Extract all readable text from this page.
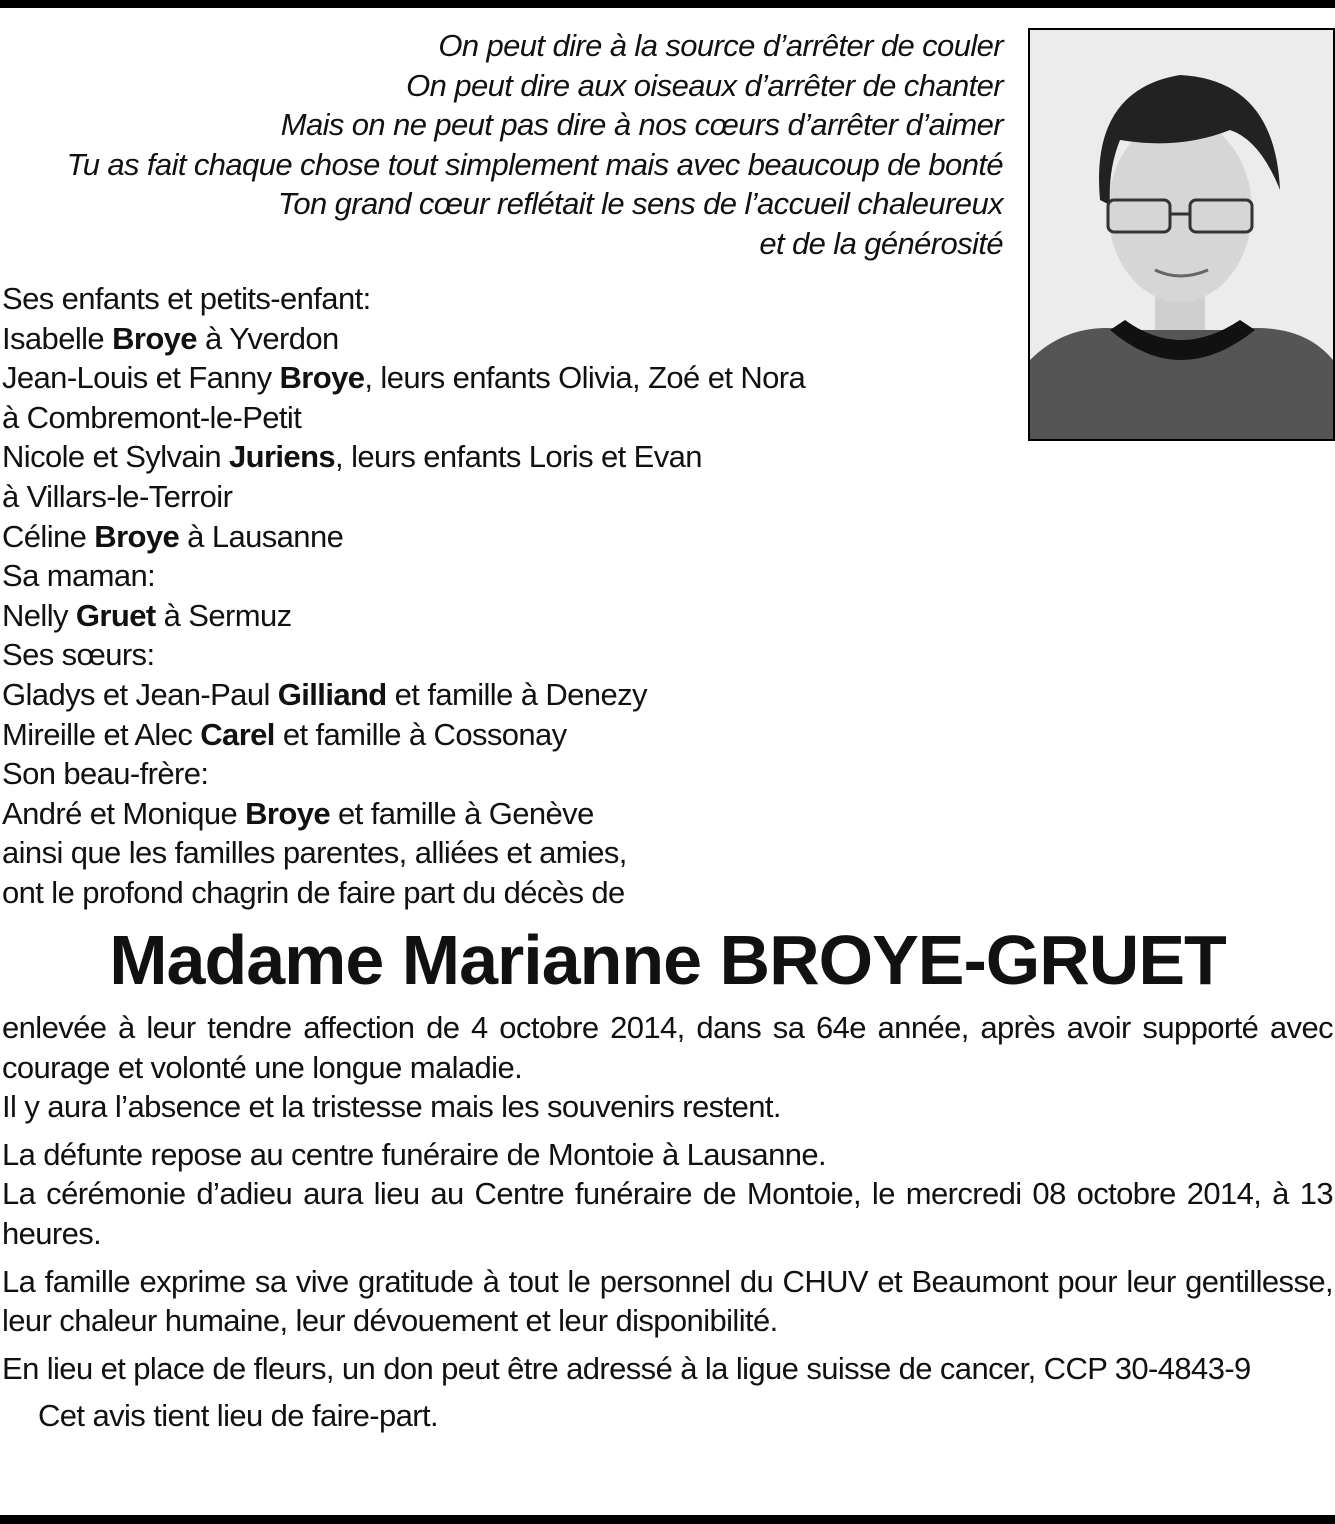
On peut dire à la source d’arrêter de couler
On peut dire aux oiseaux d’arrêter de chanter
Mais on ne peut pas dire à nos cœurs d’arrêter d’aimer
Tu as fait chaque chose tout simplement mais avec beaucoup de bonté
Ton grand cœur reflétait le sens de l’accueil chaleureux
et de la générosité
Ses enfants et petits-enfant:
Isabelle Broye à Yverdon
Jean-Louis et Fanny Broye, leurs enfants Olivia, Zoé et Nora
à Combremont-le-Petit
Nicole et Sylvain Juriens, leurs enfants Loris et Evan
à Villars-le-Terroir
Céline Broye à Lausanne
Sa maman:
Nelly Gruet à Sermuz
Ses sœurs:
Gladys et Jean-Paul Gilliand et famille à Denezy
Mireille et Alec Carel et famille à Cossonay
Son beau-frère:
André et Monique Broye et famille à Genève
ainsi que les familles parentes, alliées et amies,
ont le profond chagrin de faire part du décès de
Madame Marianne BROYE-GRUET

enlevée à leur tendre affection de 4 octobre 2014, dans sa 64e année, après avoir supporté avec courage et volonté une longue maladie.

Il y aura l’absence et la tristesse mais les souvenirs restent.

La défunte repose au centre funéraire de Montoie à Lausanne.

La cérémonie d’adieu aura lieu au Centre funéraire de Montoie, le mercredi 08 octobre 2014, à 13 heures.

La famille exprime sa vive gratitude à tout le personnel du CHUV et Beaumont pour leur gentillesse, leur chaleur humaine, leur dévouement et leur disponibilité.

En lieu et place de fleurs, un don peut être adressé à la ligue suisse de cancer, CCP 30-4843-9

Cet avis tient lieu de faire-part.
